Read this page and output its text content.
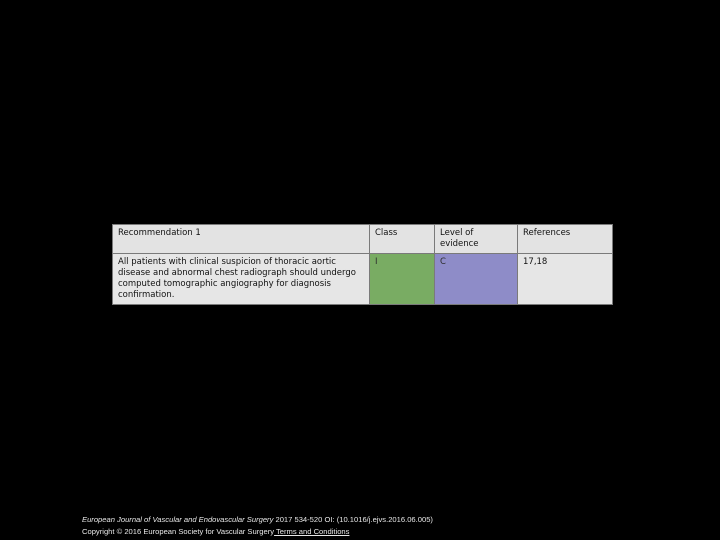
Recommendation 1	Class	Level of evidence	References
All patients with clinical suspicion of thoracic aortic disease and abnormal chest radiograph should undergo computed tomographic angiography for diagnosis confirmation.	I	C	17,18
European Journal of Vascular and Endovascular Surgery 2017 534-520 OI: (10.1016/j.ejvs.2016.06.005)
Copyright © 2016 European Society for Vascular Surgery Terms and Conditions
